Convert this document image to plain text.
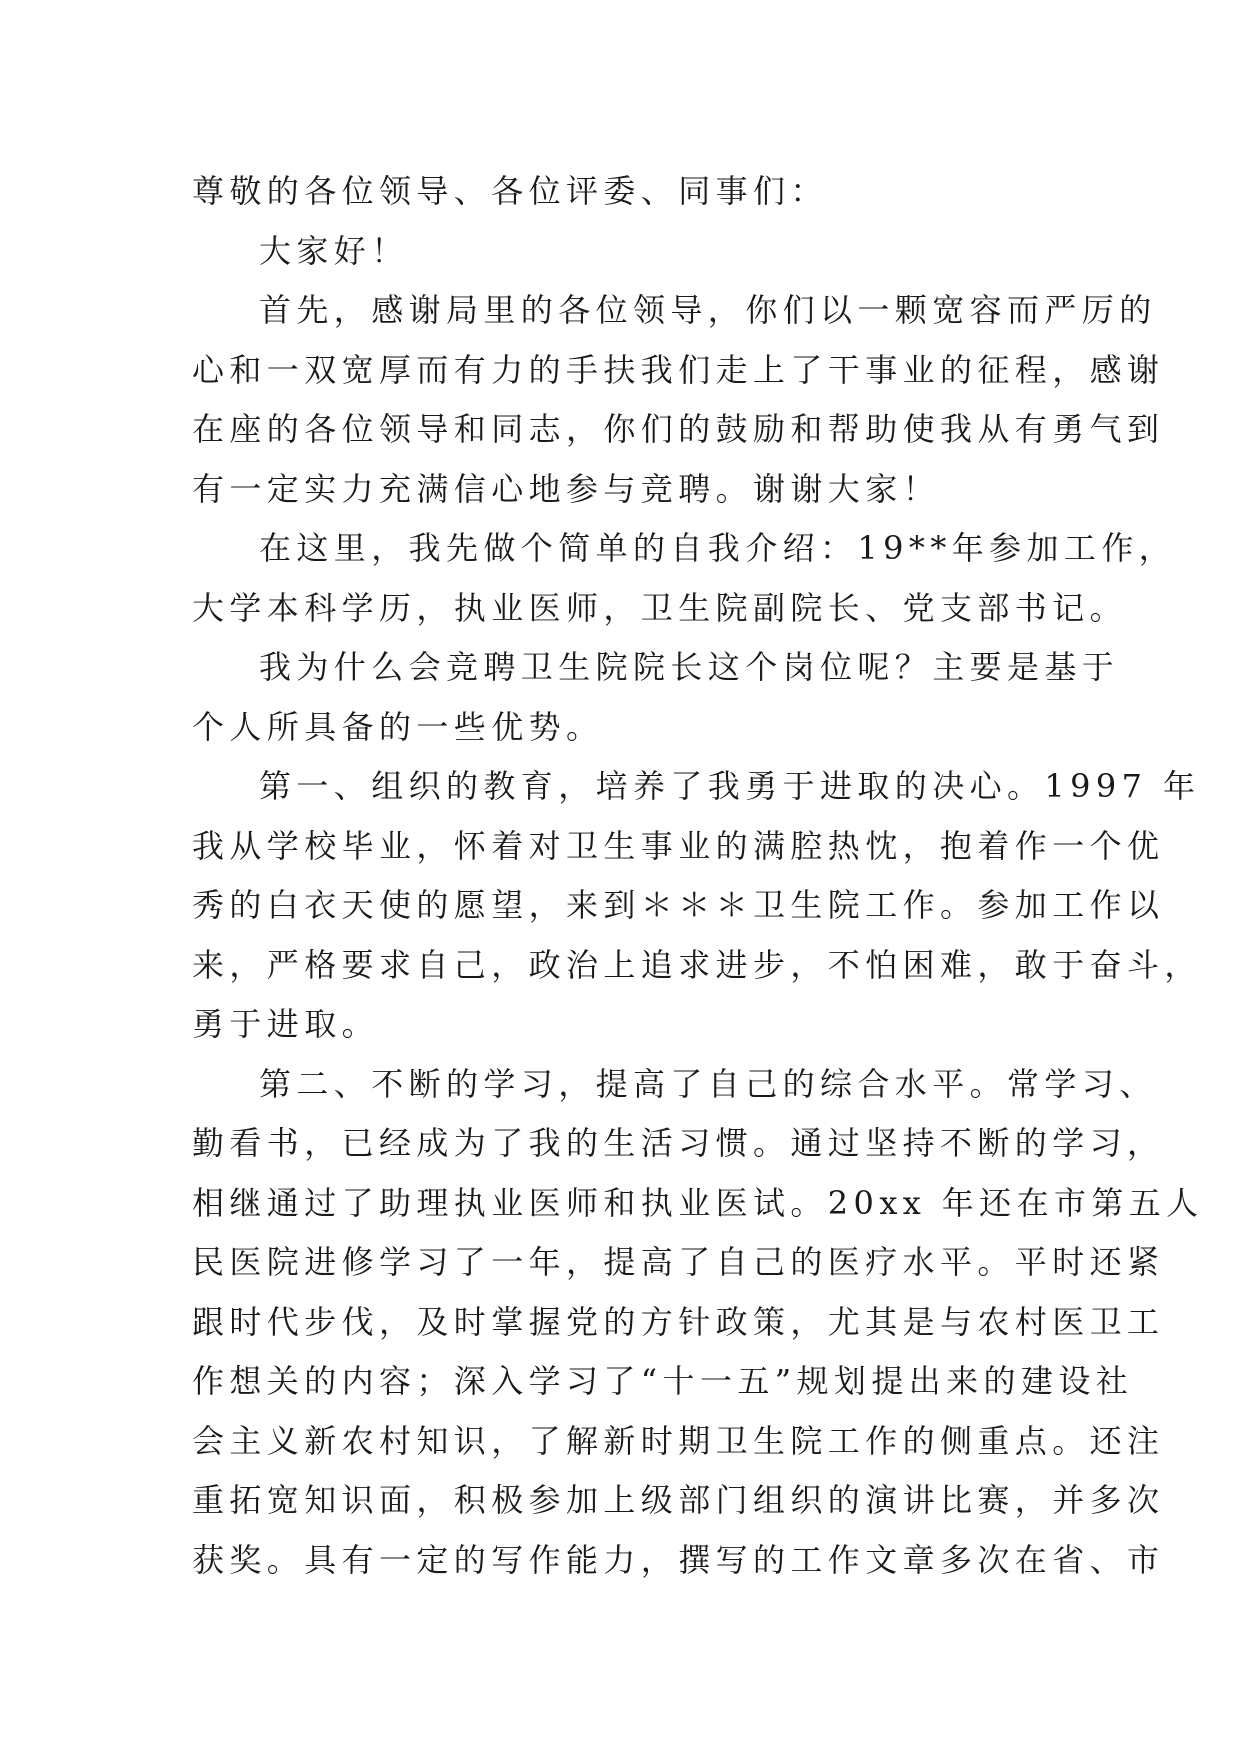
尊敬的各位领导、各位评委、同事们：
大家好！
首先，感谢局里的各位领导，你们以一颗宽容而严厉的
心和一双宽厚而有力的手扶我们走上了干事业的征程，感谢
在座的各位领导和同志，你们的鼓励和帮助使我从有勇气到
有一定实力充满信心地参与竞聘。谢谢大家！
在这里，我先做个简单的自我介绍：19**年参加工作，
大学本科学历，执业医师，卫生院副院长、党支部书记。
我为什么会竞聘卫生院院长这个岗位呢？主要是基于
个人所具备的一些优势。
第一、组织的教育，培养了我勇于进取的决心。1997 年
我从学校毕业，怀着对卫生事业的满腔热忱，抱着作一个优
秀的白衣天使的愿望，来到＊＊＊卫生院工作。参加工作以
来，严格要求自己，政治上追求进步，不怕困难，敢于奋斗，
勇于进取。
第二、不断的学习，提高了自己的综合水平。常学习、
勤看书，已经成为了我的生活习惯。通过坚持不断的学习，
相继通过了助理执业医师和执业医试。20xx 年还在市第五人
民医院进修学习了一年，提高了自己的医疗水平。平时还紧
跟时代步伐，及时掌握党的方针政策，尤其是与农村医卫工
作想关的内容；深入学习了“十一五”规划提出来的建设社
会主义新农村知识，了解新时期卫生院工作的侧重点。还注
重拓宽知识面，积极参加上级部门组织的演讲比赛，并多次
获奖。具有一定的写作能力，撰写的工作文章多次在省、市
